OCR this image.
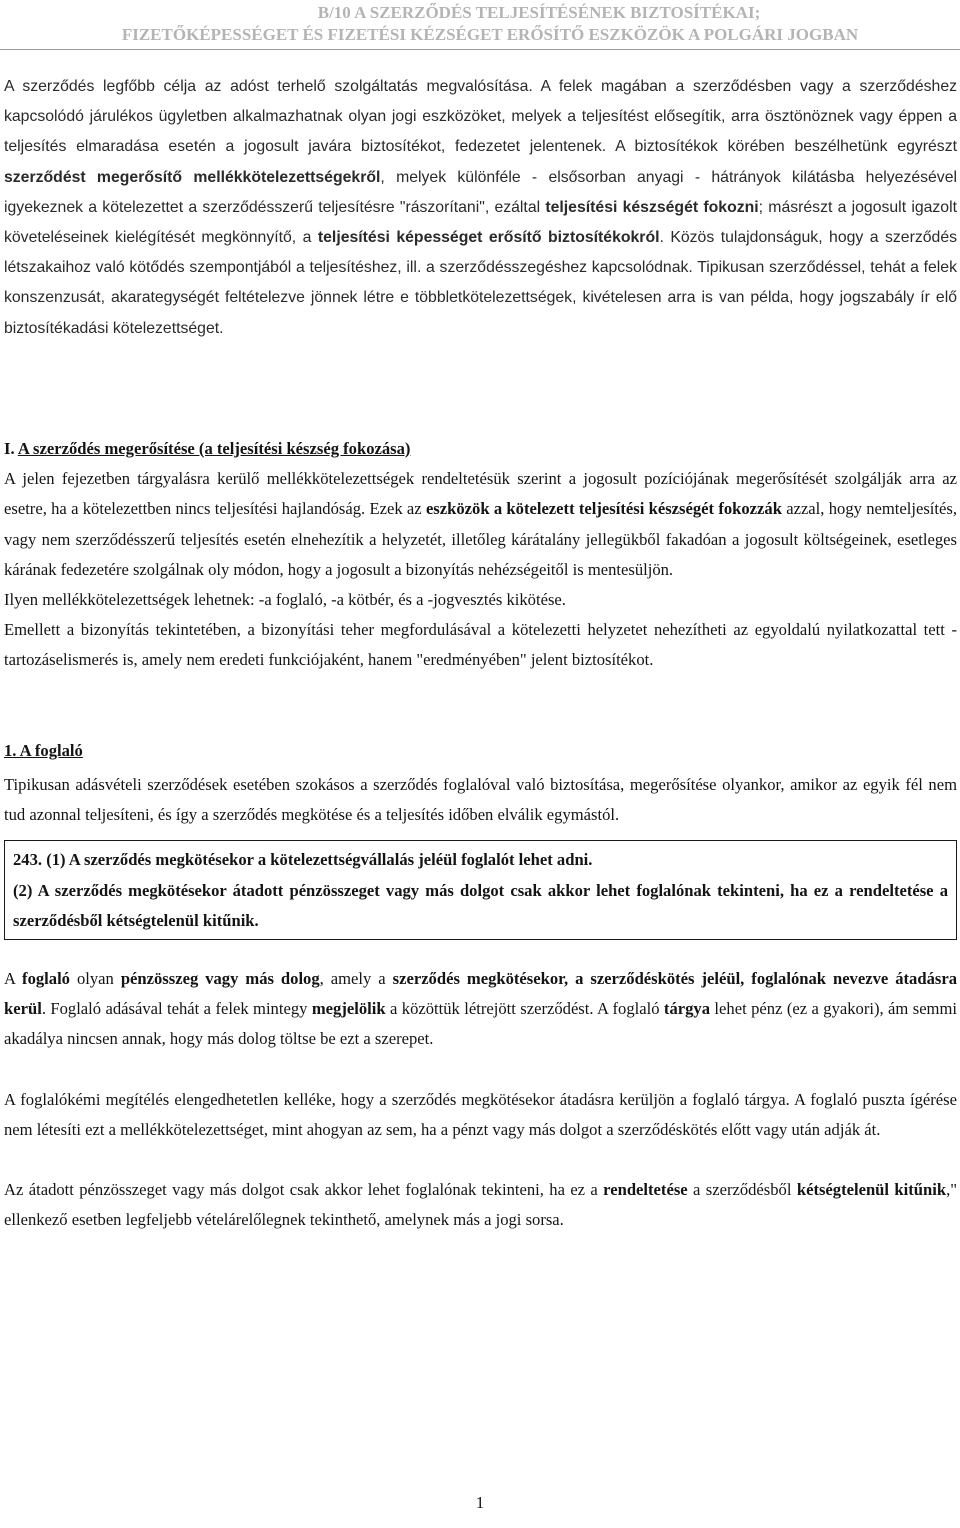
B/10 A SZERZŐDÉS TELJESÍTÉSÉNEK BIZTOSÍTÉKAI;
FIZETŐKÉPESSÉGET ÉS FIZETÉSI KÉZSÉGET ERŐSÍTŐ ESZKÖZÖK A POLGÁRI JOGBAN

A szerződés legfőbb célja az adóst terhelő szolgáltatás megvalósítása. A felek magában a szerződésben vagy a szerződéshez kapcsolódó járulékos ügyletben alkalmazhatnak olyan jogi eszközöket, melyek a teljesítést elősegítik, arra ösztönöznek vagy éppen a teljesítés elmaradása esetén a jogosult javára biztosítékot, fedezetet jelentenek. A biztosítékok körében beszélhetünk egyrészt szerződést megerősítő mellékkötelezettségekről, melyek különféle - elsősorban anyagi - hátrányok kilátásba helyezésével igyekeznek a kötelezettet a szerződésszerű teljesítésre "rászorítani", ezáltal teljesítési készségét fokozni; másrészt a jogosult igazolt követeléseinek kielégítését megkönnyítő, a teljesítési képességet erősítő biztosítékokról. Közös tulajdonságuk, hogy a szerződés létszakaihoz való kötődés szempontjából a teljesítéshez, ill. a szerződésszegéshez kapcsolódnak. Tipikusan szerződéssel, tehát a felek konszenzusát, akarategységét feltételezve jönnek létre e többletkötelezettségek, kivételesen arra is van példa, hogy jogszabály ír elő biztosítékadási kötelezettséget.

I. A szerződés megerősítése (a teljesítési készség fokozása)

A jelen fejezetben tárgyalásra kerülő mellékkötelezettségek rendeltetésük szerint a jogosult pozíciójának megerősítését szolgálják arra az esetre, ha a kötelezettben nincs teljesítési hajlandóság. Ezek az eszközök a kötelezett teljesítési készségét fokozzák azzal, hogy nemteljesítés, vagy nem szerződésszerű teljesítés esetén elnehezítik a helyzetét, illetőleg kárátalány jellegükből fakadóan a jogosult költségeinek, esetleges kárának fedezetére szolgálnak oly módon, hogy a jogosult a bizonyítás nehézségeitől is mentesüljön.

Ilyen mellékkötelezettségek lehetnek: -a foglaló, -a kötbér, és a -jogvesztés kikötése.

Emellett a bizonyítás tekintetében, a bizonyítási teher megfordulásával a kötelezetti helyzetet nehezítheti az egyoldalú nyilatkozattal tett -tartozáselismerés is, amely nem eredeti funkciójaként, hanem "eredményében" jelent biztosítékot.

1. A foglaló

Tipikusan adásvételi szerződések esetében szokásos a szerződés foglalóval való biztosítása, megerősítése olyankor, amikor az egyik fél nem tud azonnal teljesíteni, és így a szerződés megkötése és a teljesítés időben elválik egymástól.

243. (1) A szerződés megkötésekor a kötelezettségvállalás jeléül foglalót lehet adni.
(2) A szerződés megkötésekor átadott pénzösszeget vagy más dolgot csak akkor lehet foglalónak tekinteni, ha ez a rendeltetése a szerződésből kétségtelenül kitűnik.

A foglaló olyan pénzösszeg vagy más dolog, amely a szerződés megkötésekor, a szerződéskötés jeléül, foglalónak nevezve átadásra kerül. Foglaló adásával tehát a felek mintegy megjelölik a közöttük létrejött szerződést. A foglaló tárgya lehet pénz (ez a gyakori), ám semmi akadálya nincsen annak, hogy más dolog töltse be ezt a szerepet.

A foglalókémi megítélés elengedhetetlen kelléke, hogy a szerződés megkötésekor átadásra kerüljön a foglaló tárgya. A foglaló puszta ígérése nem létesíti ezt a mellékkötelezettséget, mint ahogyan az sem, ha a pénzt vagy más dolgot a szerződéskötés előtt vagy után adják át.

Az átadott pénzösszeget vagy más dolgot csak akkor lehet foglalónak tekinteni, ha ez a rendeltetése a szerződésből kétségtelenül kitűnik," ellenkező esetben legfeljebb vételárelőlegnek tekinthető, amelynek más a jogi sorsa.

1
